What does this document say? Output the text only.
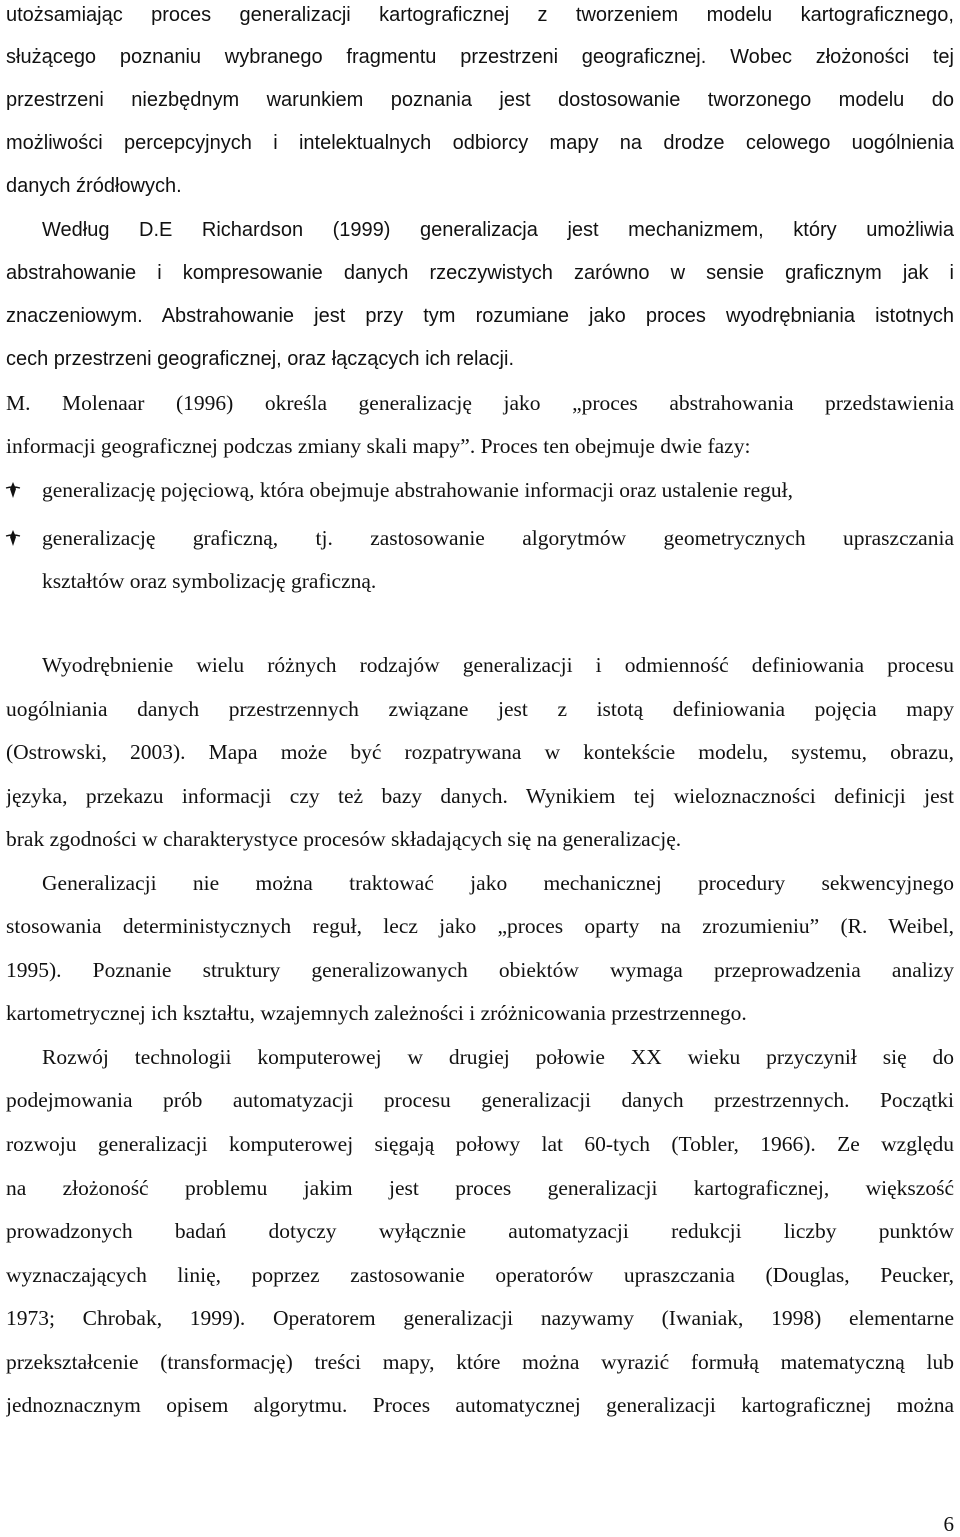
utożsamiając proces generalizacji kartograficznej z tworzeniem modelu kartograficznego,
służącego poznaniu wybranego fragmentu przestrzeni geograficznej. Wobec złożoności tej
przestrzeni niezbędnym warunkiem poznania jest dostosowanie tworzonego modelu do
możliwości percepcyjnych i intelektualnych odbiorcy mapy na drodze celowego uogólnienia
danych źródłowych.
Według D.E Richardson (1999) generalizacja jest mechanizmem, który umożliwia
abstrahowanie i kompresowanie danych rzeczywistych zarówno w sensie graficznym jak i
znaczeniowym. Abstrahowanie jest przy tym rozumiane jako proces wyodrębniania istotnych
cech przestrzeni geograficznej, oraz łączących ich relacji.
M. Molenaar (1996) określa generalizację jako „proces abstrahowania przedstawienia
informacji geograficznej podczas zmiany skali mapy”. Proces ten obejmuje dwie fazy:
generalizację pojęciową, która obejmuje abstrahowanie informacji oraz ustalenie reguł,
generalizację graficzną, tj. zastosowanie algorytmów geometrycznych upraszczania
kształtów oraz symbolizację graficzną.
Wyodrębnienie wielu różnych rodzajów generalizacji i odmienność definiowania procesu
uogólniania danych przestrzennych związane jest z istotą definiowania pojęcia mapy
(Ostrowski, 2003). Mapa może być rozpatrywana w kontekście modelu, systemu, obrazu,
języka, przekazu informacji czy też bazy danych. Wynikiem tej wieloznaczności definicji jest
brak zgodności w charakterystyce procesów składających się na generalizację.
Generalizacji nie można traktować jako mechanicznej procedury sekwencyjnego
stosowania deterministycznych reguł, lecz jako „proces oparty na zrozumieniu” (R. Weibel,
1995). Poznanie struktury generalizowanych obiektów wymaga przeprowadzenia analizy
kartometrycznej ich kształtu, wzajemnych zależności i zróżnicowania przestrzennego.
Rozwój technologii komputerowej w drugiej połowie XX wieku przyczynił się do
podejmowania prób automatyzacji procesu generalizacji danych przestrzennych. Początki
rozwoju generalizacji komputerowej sięgają połowy lat 60-tych (Tobler, 1966). Ze względu
na złożoność problemu jakim jest proces generalizacji kartograficznej, większość
prowadzonych badań dotyczy wyłącznie automatyzacji redukcji liczby punktów
wyznaczających linię, poprzez zastosowanie operatorów upraszczania (Douglas, Peucker,
1973; Chrobak, 1999). Operatorem generalizacji nazywamy (Iwaniak, 1998) elementarne
przekształcenie (transformację) treści mapy, które można wyrazić formułą matematyczną lub
jednoznacznym opisem algorytmu. Proces automatycznej generalizacji kartograficznej można
6
